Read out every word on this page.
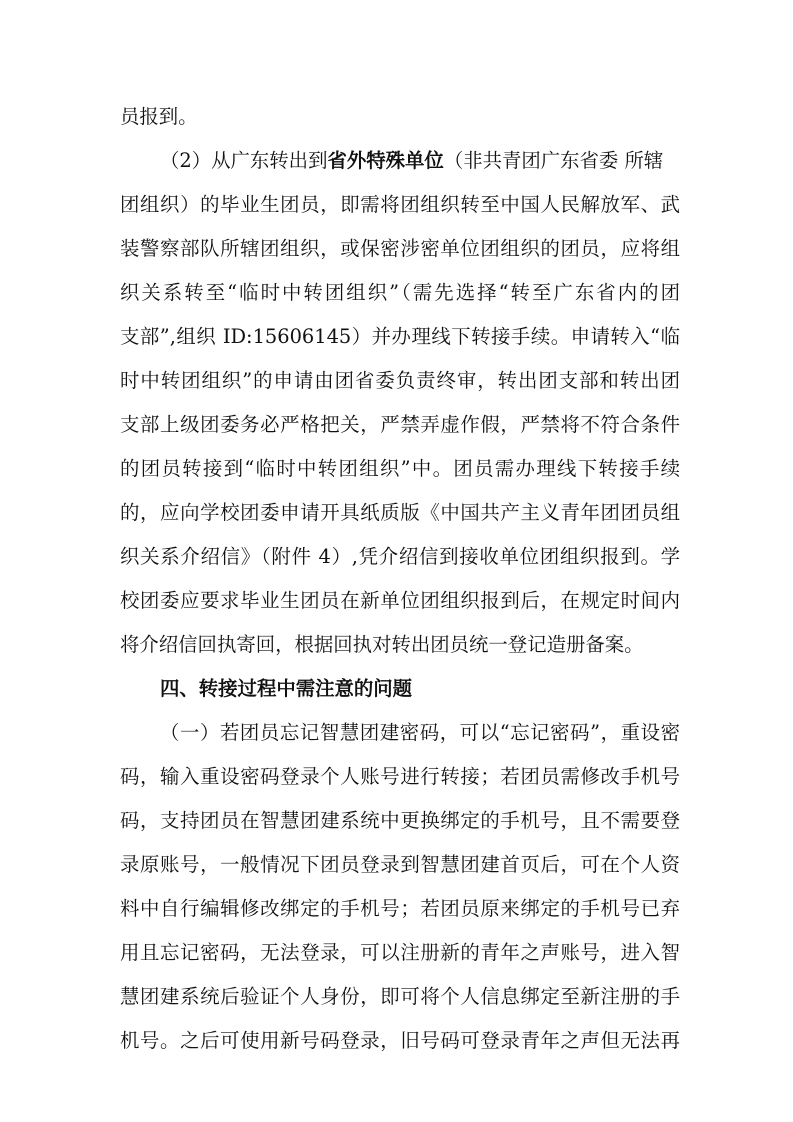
员报到。
（2）从广东转出到省外特殊单位（非共青团广东省委 所辖
团组织）的毕业生团员，即需将团组织转至中国人民解放军、武
装警察部队所辖团组织，或保密涉密单位团组织的团员，应将组
织关系转至“临时中转团组织”（需先选择“转至广东省内的团
支部”,组织 ID:15606145）并办理线下转接手续。申请转入“临
时中转团组织”的申请由团省委负责终审，转出团支部和转出团
支部上级团委务必严格把关，严禁弄虚作假，严禁将不符合条件
的团员转接到“临时中转团组织”中。团员需办理线下转接手续
的，应向学校团委申请开具纸质版《中国共产主义青年团团员组
织关系介绍信》（附件 4）,凭介绍信到接收单位团组织报到。学
校团委应要求毕业生团员在新单位团组织报到后，在规定时间内
将介绍信回执寄回，根据回执对转出团员统一登记造册备案。
四、转接过程中需注意的问题
（一）若团员忘记智慧团建密码，可以“忘记密码”，重设密
码，输入重设密码登录个人账号进行转接；若团员需修改手机号
码，支持团员在智慧团建系统中更换绑定的手机号，且不需要登
录原账号，一般情况下团员登录到智慧团建首页后，可在个人资
料中自行编辑修改绑定的手机号；若团员原来绑定的手机号已弃
用且忘记密码，无法登录，可以注册新的青年之声账号，进入智
慧团建系统后验证个人身份，即可将个人信息绑定至新注册的手
机号。之后可使用新号码登录，旧号码可登录青年之声但无法再
